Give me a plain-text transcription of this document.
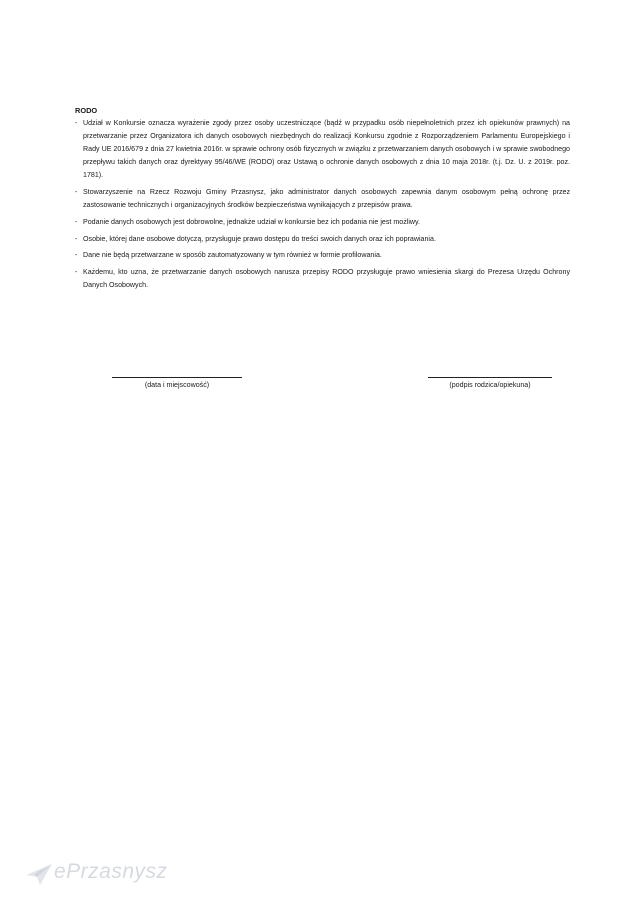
RODO
- Udział w Konkursie oznacza wyrażenie zgody przez osoby uczestniczące (bądź w przypadku osób niepełnoletnich przez ich opiekunów prawnych) na przetwarzanie przez Organizatora ich danych osobowych niezbędnych do realizacji Konkursu zgodnie z Rozporządzeniem Parlamentu Europejskiego i Rady UE 2016/679 z dnia 27 kwietnia 2016r. w sprawie ochrony osób fizycznych w związku z przetwarzaniem danych osobowych i w sprawie swobodnego przepływu takich danych oraz dyrektywy 95/46/WE (RODO) oraz Ustawą o ochronie danych osobowych z dnia 10 maja 2018r. (t.j. Dz. U. z 2019r. poz. 1781).
- Stowarzyszenie na Rzecz Rozwoju Gminy Przasnysz, jako administrator danych osobowych zapewnia danym osobowym pełną ochronę przez zastosowanie technicznych i organizacyjnych środków bezpieczeństwa wynikających z przepisów prawa.
- Podanie danych osobowych jest dobrowolne, jednakże udział w konkursie bez ich podania nie jest możliwy.
- Osobie, której dane osobowe dotyczą, przysługuje prawo dostępu do treści swoich danych oraz ich poprawiania.
- Dane nie będą przetwarzane w sposób zautomatyzowany w tym również w formie profilowania.
- Każdemu, kto uzna, że przetwarzanie danych osobowych narusza przepisy RODO przysługuje prawo wniesienia skargi do Prezesa Urzędu Ochrony Danych Osobowych.
(data i miejscowość)	(podpis rodzica/opiekuna)
ePrzasnysz
